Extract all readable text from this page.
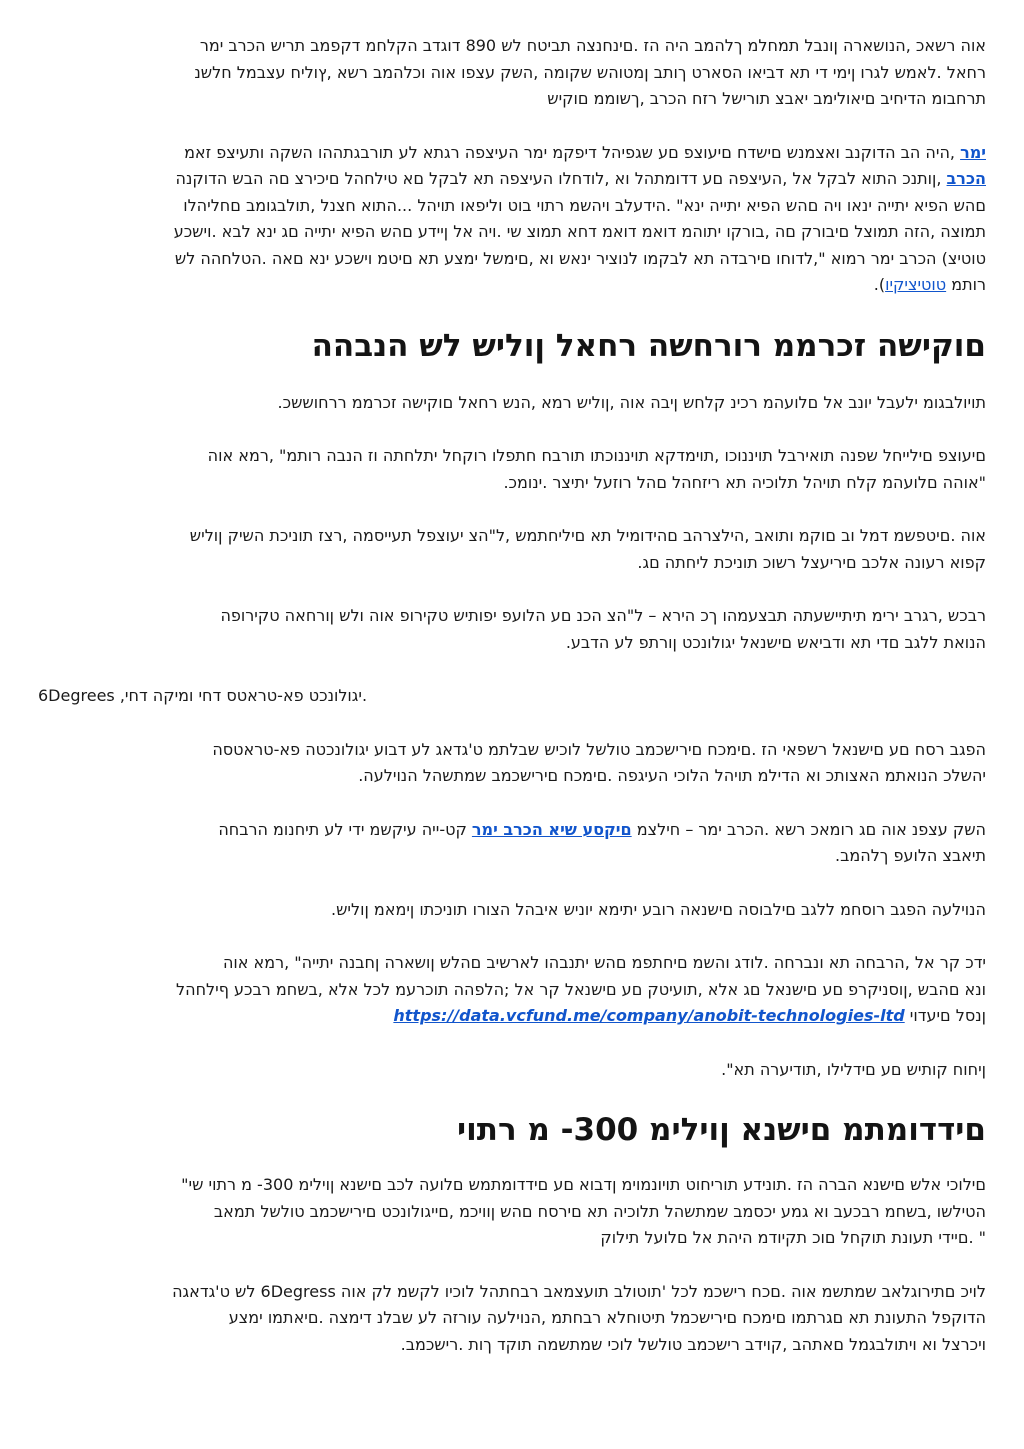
אוה רשאכ ,הנושארה ןונבל תמחלמ ךלהמב היה הז .םינחנצה תביטח לש 890 דוגדב הקלחמ דקפמב תריש הכרב ימר
רחאל .לאמש לגרו ןימי די תא דביאו הסארט ךותב ןמטוהש שקומה ,השק עצפו אוה וכלהמב רשא ,ץוליח עצבמל חלשנ
תרחבומ הדיחיב םיאולימב יאבצ תורישל רזח הכרב ,ךשוממ םוקיש
ימר ,היה הב הדוקנב ואצמנש םישדח םיעוצפ םע שגפיהל דיפקמ ימר העיצפה רגתא לע תורבגתההו השקה ותעיצפ זאמ
הכרב ,ןותנכ התוא לבקל אל ,העיצפה םע דדומתהל וא ,לודחלו העיצפה תא לבקל םא טילחהל םיכירצ םה הבש הדוקנה
םהש הפיא יתייה ינאו ויה םהש הפיא יתייה ינא" .הידעלב ויהשמ רתוי בוט וליפאו תויהל ...התוא חצנל ,תולבגומב םחליהלו
תמוצה ,הזה תמוצל םיבורק םה ,בורקו יתוהמ דואמ דואמ דחא תמוצ שי .ויה אל ןיידע םהש הפיא יתייה םג ינא לבא .וישכע
טוטיצ) הכרב ימר רמוא ",לדוחו םירבדה תא לבקמו לנוציר ינאש וא ,םימשל ימצע תא םיטמ וישכע ינא םאה .הטלחהה לש
רותמ טוטיציקיו).
םוקישה זכרממ רורחשה רחאל ןוליש לש הנבהה
תויולבגומ ילעבל יונב אל םלועהמ רכינ קלחש ןיבה אוה ,ןוליש רמא ,הנש רחאל םוקישה זכרממ ררחוששכ.
םיעוצפ םילייחל שפנה תואירבל תויננוכו ,תוימדקא תויננוכתו תורבח חתפלו רוקחל יתלחתה וז הנבה רותמ" ,רמא אוה
"אוהה םלועהמ קלח תויהל תלוכיה תא ריזחהל םהל רוזעל יתיצר .ינומכ.
אוה .םיטפשמ דמל וב םוקמ ותואב ,הילצרהב םהידומיל תא םיליחתמש ,ל"הצ יעוצפל תעייסמה ,רצז תוניכת השיק ןוליש
קפוא רעונה אלכב םיריעצל רשוכ תוניכת ליחתה םג.
רבכש ,רגרב ירימ תיתיישעתה תבצעמהו ךכ הירא – ל"הצ הכנ םע הלועפ יפותיש טקירופ אוה ולש ןורחאה טקירופה
הנואת ללגב םדי תא ודביאש םישנאל יגולונכט ןורתפ לע הדבע.
6Degrees ,יגולונכט פא-טראטס דחי ומיקה דחי.
הפגב רסח םע םישנאל רשפאי הז .םימכח םירישכמב טולשל לוכיש שבלתמ ט'גדאג לע דבוע יגולונכטה פא-טראטסה
יהשלכ הנואתמ האצותכ וא הדילמ תויהל הלוכי העיגפה .םימכח םירישכמב שמתשהל הנוילעה.
השק עצפנ אוה םג רומאכ רשא .הכרב ימר – חילצמ םיקסע שיא הכרב ימר קט-ייה עיקשמ ידי לע תיחנומ הרבחה
תיאבצ הלועפ ךלהמב.
הנוילעה הפגב רוסחמ ללגב םילבוסה םישנאה רובע יתימא יוניש איבהל הצורו תוניכתו ןימאמ ןוליש.
ידכ קר אל ,הרבחה תא ונברחה .לודג והשמ םיחתפמ םהש יתנבהו לארשיב םהלש ןושארה ןחבנה יתייה" ,רמא אוה
ונא םהבש ,ןוסניקרפ םע םישנאל םג אלא ,תועיטק םע םישנאל קר אל ;הלפהה תוכרעמ לכל אלא ,בשחמ רבכע ףילחהל
ןנסל םיעדוי https://data.vcfund.me/company/anobit-technologies-ltd
ןיחוח קותיש םע םידלילו ,תודיערה תא".
םידדומתמ םישנא ןוילימ 300- מ רתוי
םילוכי אלש םישנא הברה הז .תונידע תוריחוט תויונמוימ ןדבוא םע םידדומתמש םלועה לכב םישנא ןוילימ 300- מ רתוי שי"
הטילשו ,בשחמ רבכעב וא גמע יכסמב שמתשהל תלוכיה תא םירסח םהש ןוויכמ ,םייגולונכט םירישכמב טולשל תמאב
" .םיידי תעונת תוקחל םוכ תקיודמ היהת אל םלועל תילוק
לויכ םתירוגלאב שמתשמ אוה .םכח רישכמ לכל 'תוטולב תועצמאב רבחתהל לוכיו לקשמ לק אוה 6Degress לש ט'גדאגה
הדוקפל התעונת תא םגרתמו םימכח םירישכמל תיטוחלא רבחתמ ,הנוילעה עורזה לע שבלנ דימצה .םיאתמו ימצע
ויכרצל וא ויתולבגמל םאתהב ,קוידב רישכמב טולשל לוכי שמתשמה תוקד ךות .רישכמב.
